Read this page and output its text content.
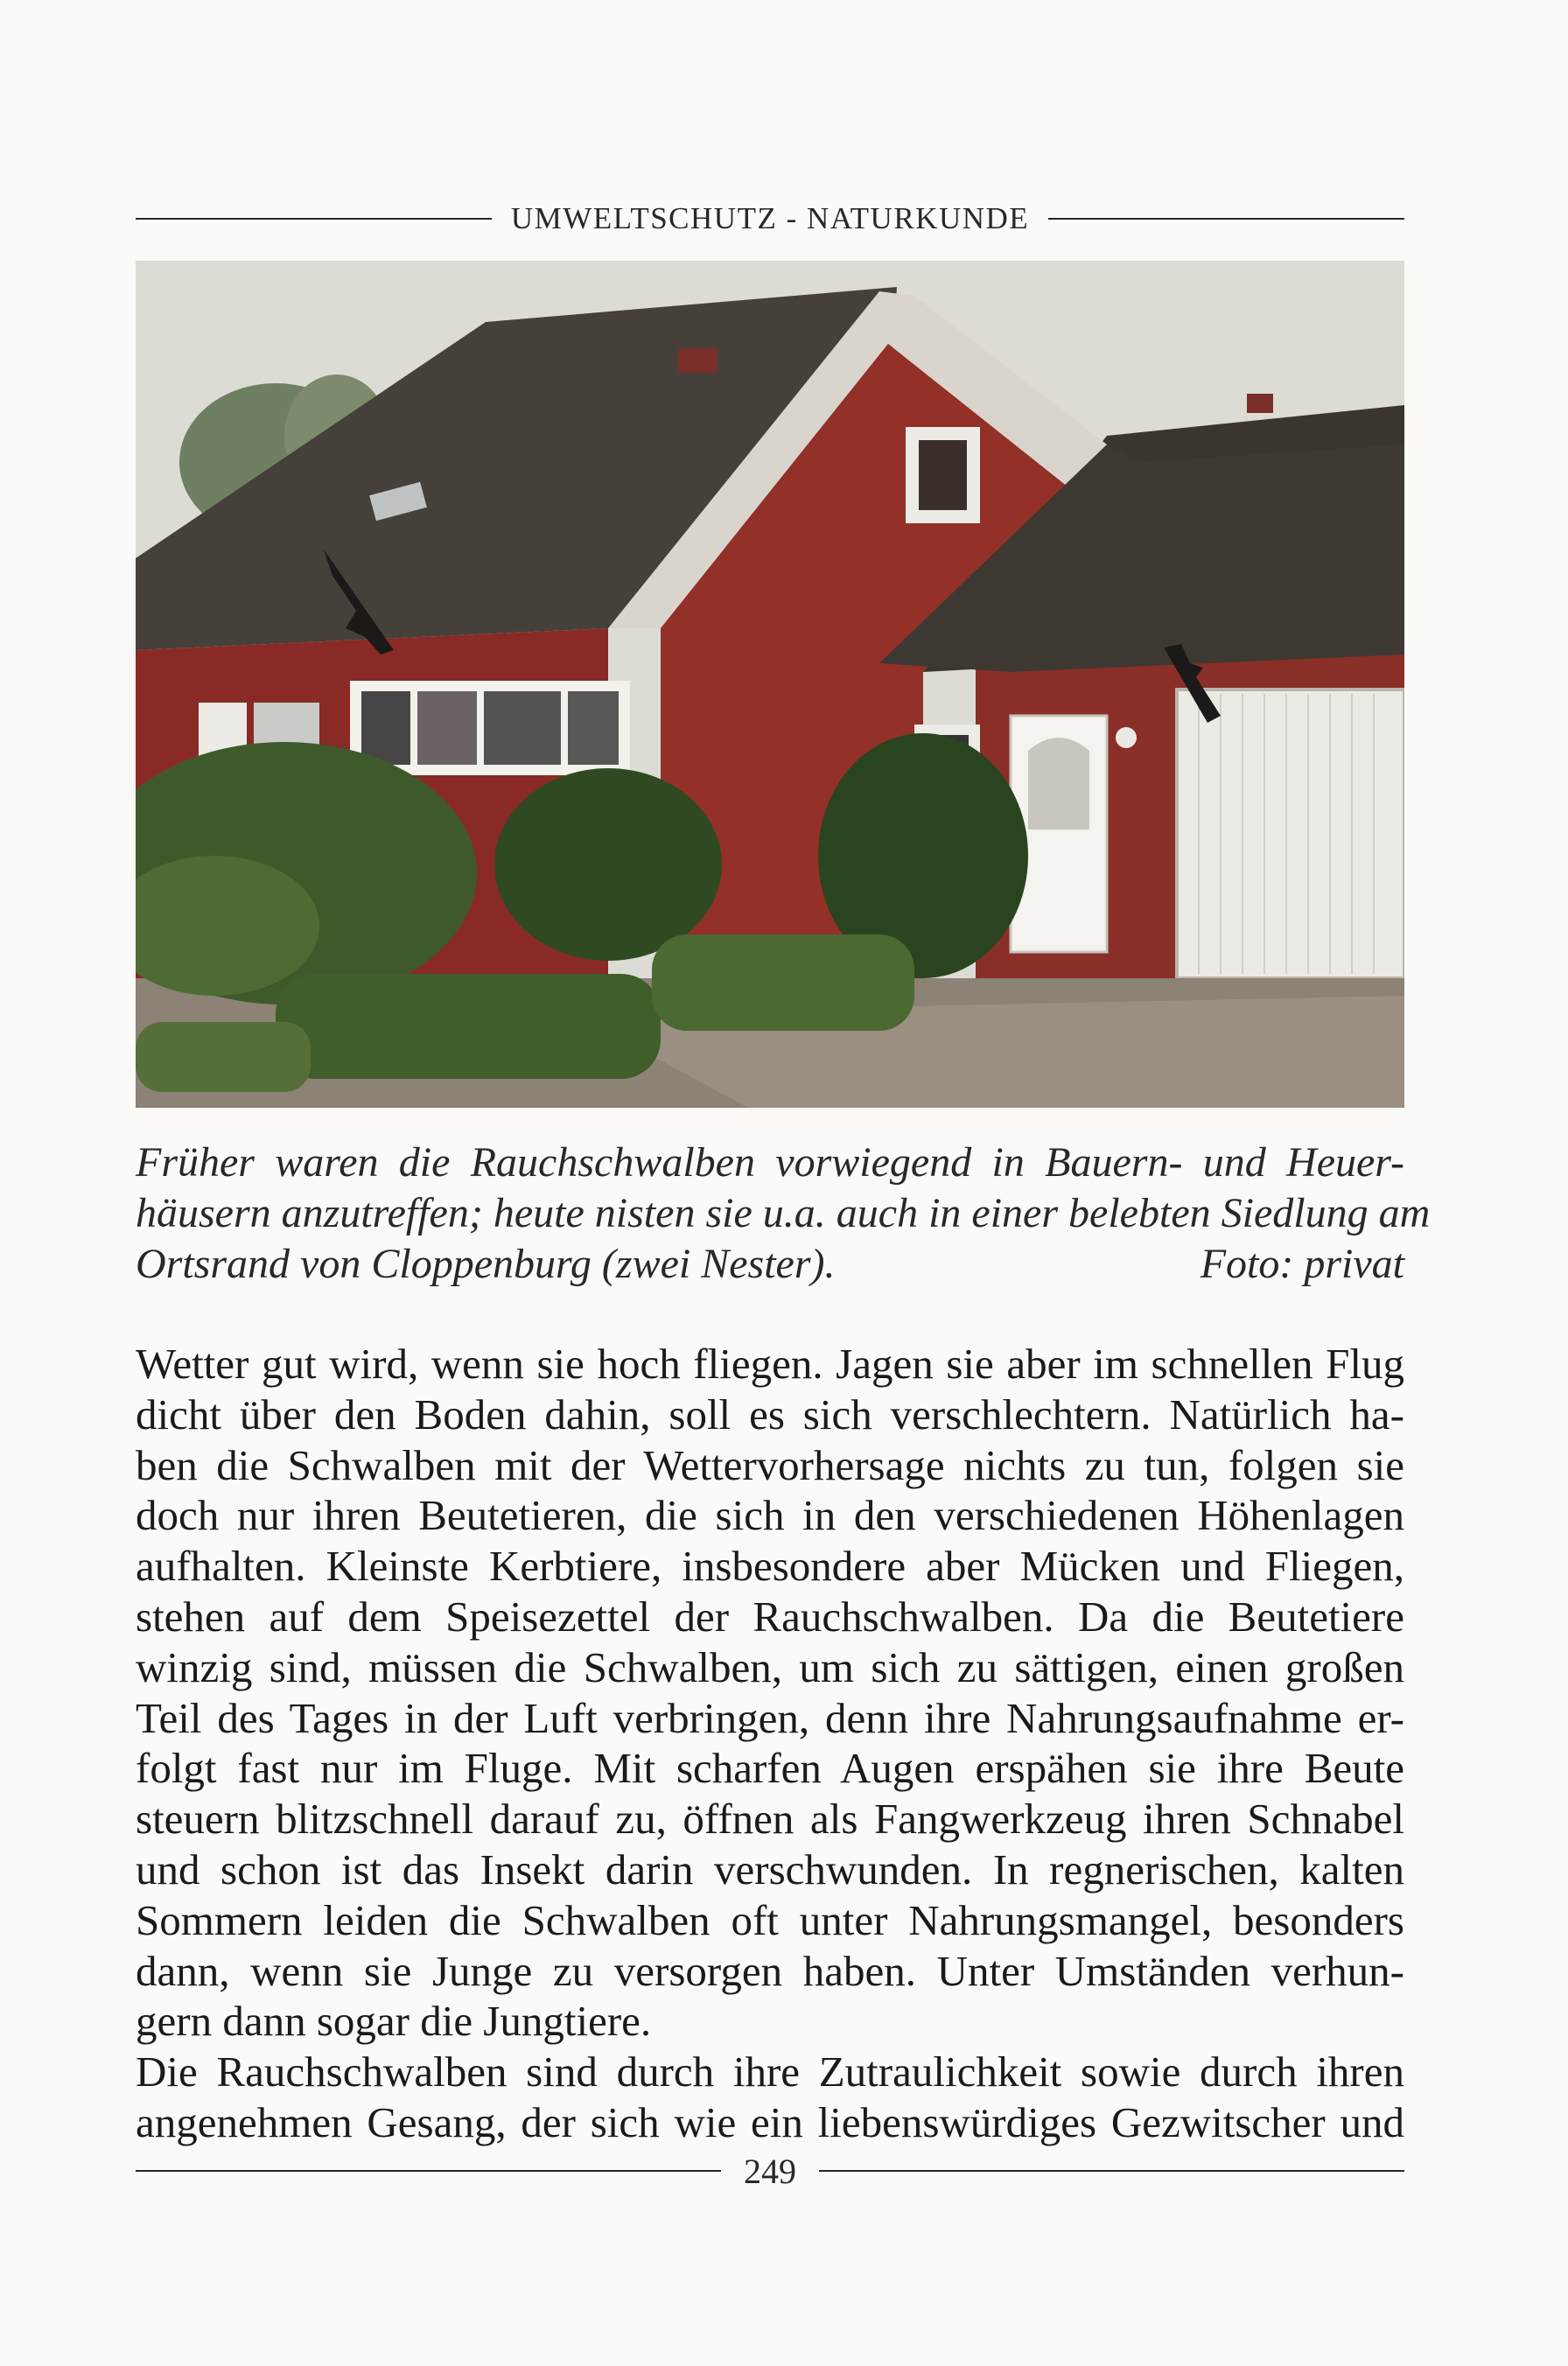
UMWELTSCHUTZ - NATURKUNDE
Früher waren die Rauchschwalben vorwiegend in Bauern- und Heuer-
häusern anzutreffen; heute nisten sie u.a. auch in einer belebten Siedlung am
Ortsrand von Cloppenburg (zwei Nester).	Foto: privat
Wetter gut wird, wenn sie hoch fliegen. Jagen sie aber im schnellen Flug
dicht über den Boden dahin, soll es sich verschlechtern. Natürlich ha-
ben die Schwalben mit der Wettervorhersage nichts zu tun, folgen sie
doch nur ihren Beutetieren, die sich in den verschiedenen Höhenlagen
aufhalten. Kleinste Kerbtiere, insbesondere aber Mücken und Fliegen,
stehen auf dem Speisezettel der Rauchschwalben. Da die Beutetiere
winzig sind, müssen die Schwalben, um sich zu sättigen, einen großen
Teil des Tages in der Luft verbringen, denn ihre Nahrungsaufnahme er-
folgt fast nur im Fluge. Mit scharfen Augen erspähen sie ihre Beute
steuern blitzschnell darauf zu, öffnen als Fangwerkzeug ihren Schnabel
und schon ist das Insekt darin verschwunden. In regnerischen, kalten
Sommern leiden die Schwalben oft unter Nahrungsmangel, besonders
dann, wenn sie Junge zu versorgen haben. Unter Umständen verhun-
gern dann sogar die Jungtiere.
Die Rauchschwalben sind durch ihre Zutraulichkeit sowie durch ihren
angenehmen Gesang, der sich wie ein liebenswürdiges Gezwitscher und
249
